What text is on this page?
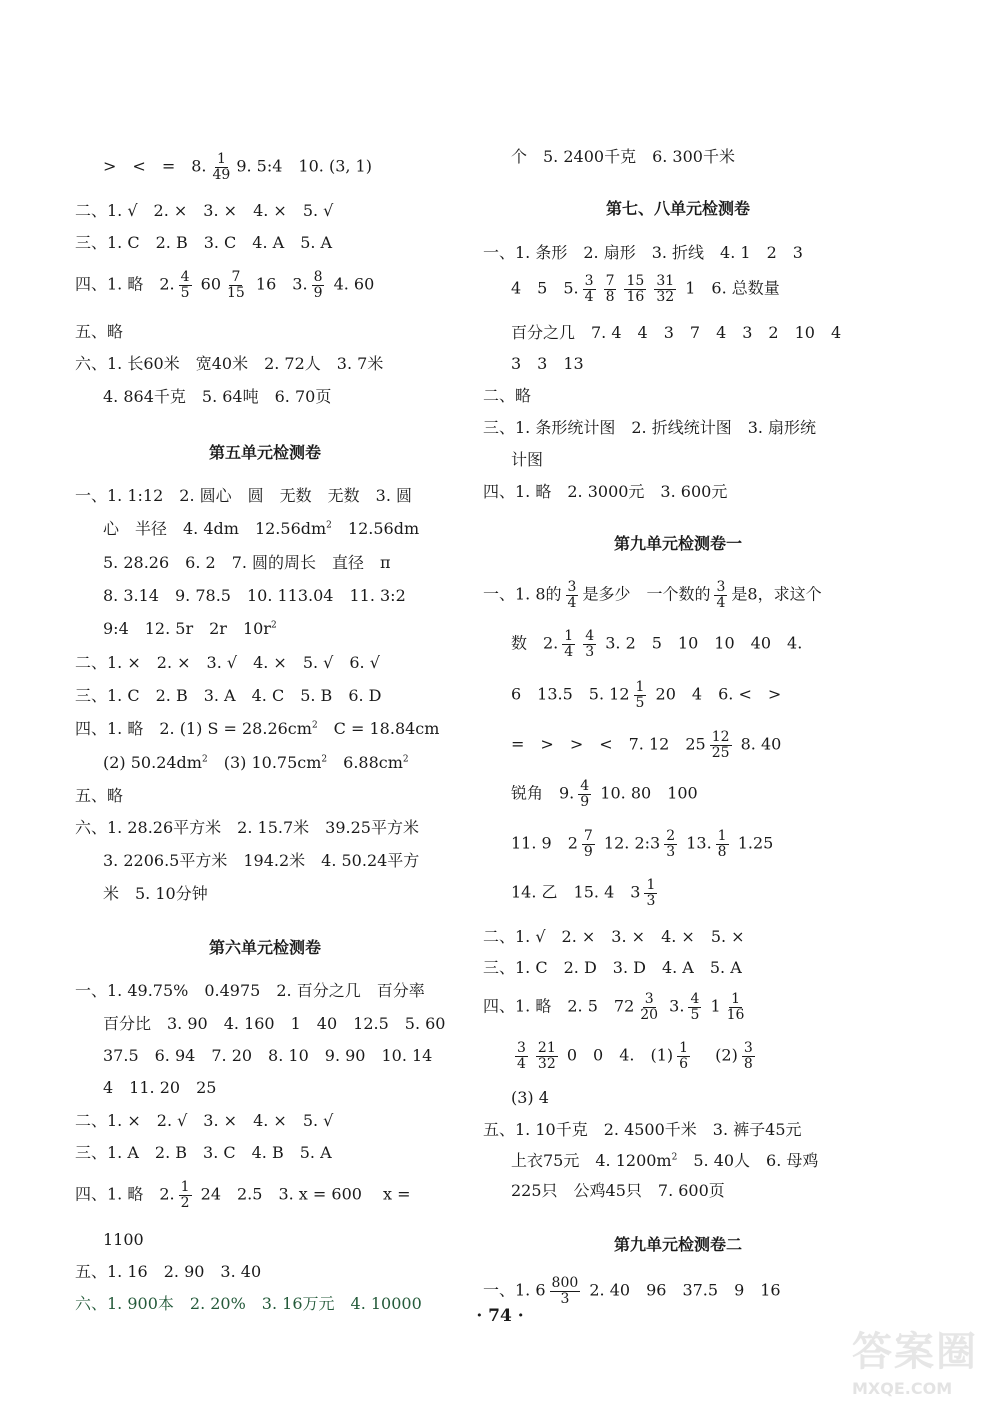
>　<　=　8. $\frac{1}{49} 9$. 5:4　10. (3, 1)
二、1. √　2. ×　3. ×　4. ×　5. √
三、1. C　2. B　3. C　4. A　5. A
四、1. 略　2. $\frac{4}{5} 60 \frac{7}{15} 16$　3. $\frac{8}{9} 4$. 60
五、略
六、1. 长60米　宽40米　2. 72人　3. 7米
4. 864千克　5. 64吨　6. 70页
第五单元检测卷
一、1. 1:12　2. 圆心　圆　无数　无数　3. 圆
心　半径　4. 4dm　$12.56dm^2$　12.56dm
5. 28.26　6. 2　7. 圆的周长　直径　π
8. 3.14　9. 78.5　10. 113.04　11. 3:2
9:4　12. 5r　2r　$10r^2$
二、1. ×　2. ×　3. √　4. ×　5. √　6. √
三、1. C　2. B　3. A　4. C　5. B　6. D
四、1. 略　2. (1) $S = 28.26cm^2$　C = 18.84cm
(2) $50.24dm^2$　(3) $10.75cm^2$　$6.88cm^2$
五、略
六、1. 28.26平方米　2. 15.7米　39.25平方米
3. 2206.5平方米　194.2米　4. 50.24平方
米　5. 10分钟
第六单元检测卷
一、1. 49.75%　0.4975　2. 百分之几　百分率
百分比　3. 90　4. 160　1　40　12.5　5. 60
37.5　6. 94　7. 20　8. 10　9. 90　10. 14
4　11. 20　25
二、1. ×　2. √　3. ×　4. ×　5. √
三、1. A　2. B　3. C　4. B　5. A
四、1. 略　2. $\frac{1}{2} 24$　2.5　3. x = 600　 x =
1100
五、1. 16　2. 90　3. 40
六、1. 900本　2. 20%　3. 16万元　4. 10000
个　5. 2400千克　6. 300千米
第七、八单元检测卷
一、1. 条形　2. 扇形　3. 折线　4. 1　2　3
4　5　5. $\frac{3}{4} \frac{7}{8} \frac{15}{16} \frac{31}{32} 1$　6. 总数量
百分之几　7. 4　4　3　7　4　3　2　10　4
3　3　13
二、略
三、1. 条形统计图　2. 折线统计图　3. 扇形统
计图
四、1. 略　2. 3000元　3. 600元
第九单元检测卷一
一、1. 8的 $\frac{3}{4}$ 是多少　一个数的 $\frac{3}{4}$ 是8，求这个
数　2. $\frac{1}{4} \frac{4}{3} 3$. 2　5　10　10　40　4.
6　13.5　5. $12 \frac{1}{5} 20$　4　6. <　>
=　>　>　<　7. 12　$25 \frac{12}{25} 8$. 40
锐角　9. $\frac{4}{9} 10$. 80　100
11. 9　$2 \frac{7}{9} 12$. 2:3 $\frac{2}{3} 13$. $\frac{1}{8} 1.25$
14. 乙　15. 4　$3 \frac{1}{3}$
二、1. √　2. ×　3. ×　4. ×　5. ×
三、1. C　2. D　3. D　4. A　5. A
四、1. 略　2. 5　$72 \frac{3}{20} 3$. $\frac{4}{5} 1 \frac{1}{16}$
$\frac{3}{4} \frac{21}{32} 0$　0　4.　$(1) \frac{1}{6}$ 　$(2) \frac{3}{8}$
(3) 4
五、1. 10千克　2. 4500千米　3. 裤子45元
上衣75元　4. $1200m^2$　5. 40人　6. 母鸡
225只　公鸡45只　7. 600页
第九单元检测卷二
一、1. $6 \frac{800}{3} 2$. 40　96　37.5　9　16
· 74 ·
答案圈
MXQE.COM
